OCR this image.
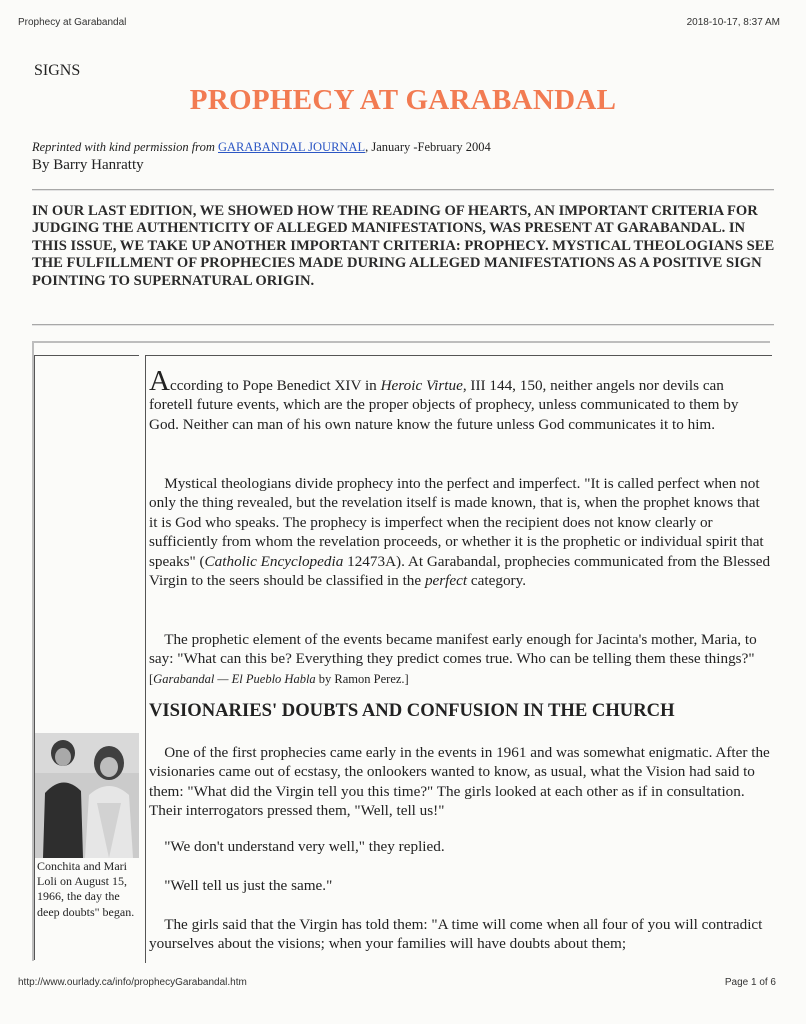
Prophecy at Garabandal	2018-10-17, 8:37 AM
SIGNS
PROPHECY AT GARABANDAL
Reprinted with kind permission from GARABANDAL JOURNAL, January -February 2004
By Barry Hanratty
IN OUR LAST EDITION, WE SHOWED HOW THE READING OF HEARTS, AN IMPORTANT CRITERIA FOR JUDGING THE AUTHENTICITY OF ALLEGED MANIFESTATIONS, WAS PRESENT AT GARABANDAL. IN THIS ISSUE, WE TAKE UP ANOTHER IMPORTANT CRITERIA: PROPHECY. MYSTICAL THEOLOGIANS SEE THE FULFILLMENT OF PROPHECIES MADE DURING ALLEGED MANIFESTATIONS AS A POSITIVE SIGN POINTING TO SUPERNATURAL ORIGIN.
Conchita and Mari Loli on August 15, 1966, the day the deep doubts" began.

According to Pope Benedict XIV in Heroic Virtue, III 144, 150, neither angels nor devils can foretell future events, which are the proper objects of prophecy, unless communicated to them by God. Neither can man of his own nature know the future unless God communicates it to him.

Mystical theologians divide prophecy into the perfect and imperfect. "It is called perfect when not only the thing revealed, but the revelation itself is made known, that is, when the prophet knows that it is God who speaks. The prophecy is imperfect when the recipient does not know clearly or sufficiently from whom the revelation proceeds, or whether it is the prophetic or individual spirit that speaks" (Catholic Encyclopedia 12473A). At Garabandal, prophecies communicated from the Blessed Virgin to the seers should be classified in the perfect category.

The prophetic element of the events became manifest early enough for Jacinta's mother, Maria, to say: "What can this be? Everything they predict comes true. Who can be telling them these things?"[Garabandal — El Pueblo Habla by Ramon Perez.]

VISIONARIES' DOUBTS AND CONFUSION IN THE CHURCH

One of the first prophecies came early in the events in 1961 and was somewhat enigmatic. After the visionaries came out of ecstasy, the onlookers wanted to know, as usual, what the Vision had said to them: "What did the Virgin tell you this time?" The girls looked at each other as if in consultation. Their interrogators pressed them, "Well, tell us!"

"We don't understand very well," they replied.

"Well tell us just the same."

The girls said that the Virgin has told them: "A time will come when all four of you will contradict yourselves about the visions; when your families will have doubts about them;

http://www.ourlady.ca/info/prophecyGarabandal.htm	Page 1 of 6
